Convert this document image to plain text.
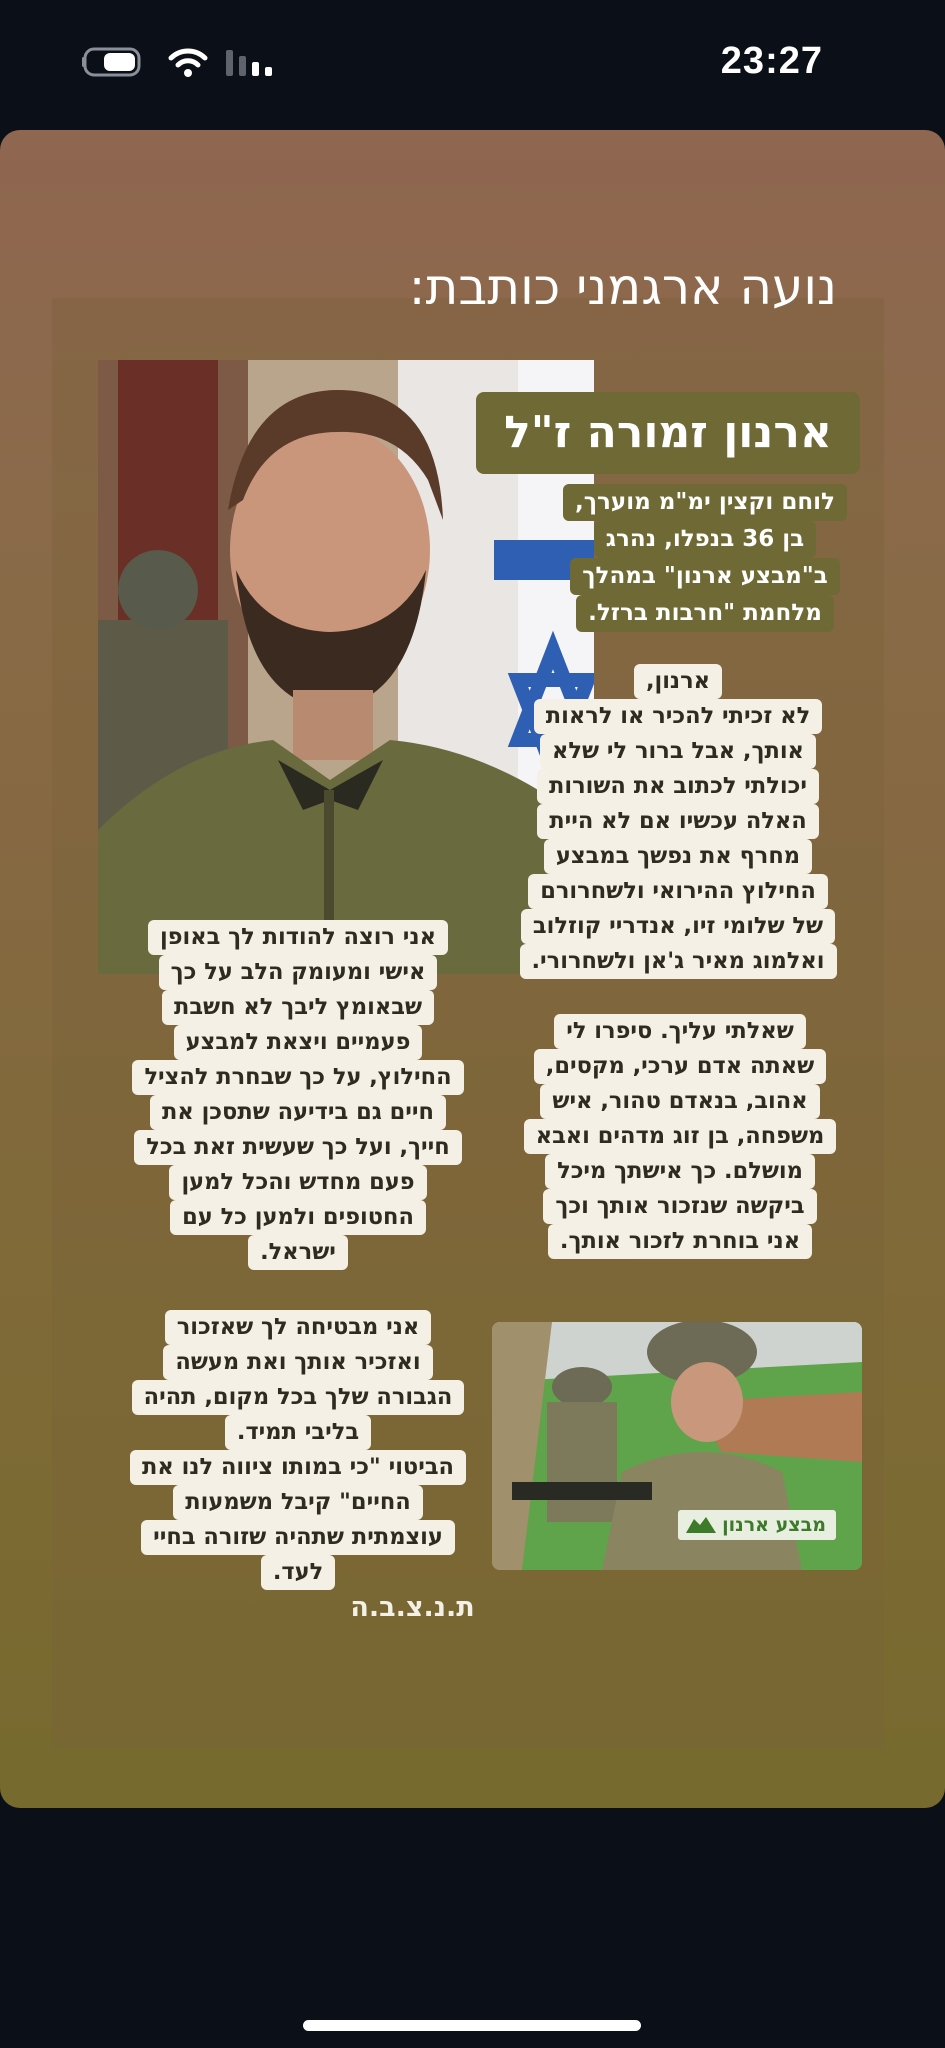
23:27
נועה ארגמני כותבת:
ארנון זמורה ז"ל
לוחם וקצין ימ"מ מוערך,
בן 36 בנפלו, נהרג
ב"מבצע ארנון" במהלך
מלחמת "חרבות ברזל.
ארנון,
לא זכיתי להכיר או לראות
אותך, אבל ברור לי שלא
יכולתי לכתוב את השורות
האלה עכשיו אם לא היית
מחרף את נפשך במבצע
החילוץ ההירואי ולשחרורם
של שלומי זיו, אנדריי קוזלוב
ואלמוג מאיר ג'אן ולשחרורי.
אני רוצה להודות לך באופן
אישי ומעומק הלב על כך
שבאומץ ליבך לא חשבת
פעמיים ויצאת למבצע
החילוץ, על כך שבחרת להציל
חיים גם בידיעה שתסכן את
חייך, ועל כך שעשית זאת בכל
פעם מחדש והכל למען
החטופים ולמען כל עם
ישראל.
שאלתי עליך. סיפרו לי
שאתה אדם ערכי, מקסים,
אהוב, בנאדם טהור, איש
משפחה, בן זוג מדהים ואבא
מושלם. כך אישתך מיכל
ביקשה שנזכור אותך וכך
אני בוחרת לזכור אותך.
אני מבטיחה לך שאזכור
ואזכיר אותך ואת מעשה
הגבורה שלך בכל מקום, תהיה
בליבי תמיד.
הביטוי "כי במותו ציווה לנו את
החיים" קיבל משמעות
עוצמתית שתהיה שזורה בחיי
לעד.
מבצע ארנון
ת.נ.צ.ב.ה
